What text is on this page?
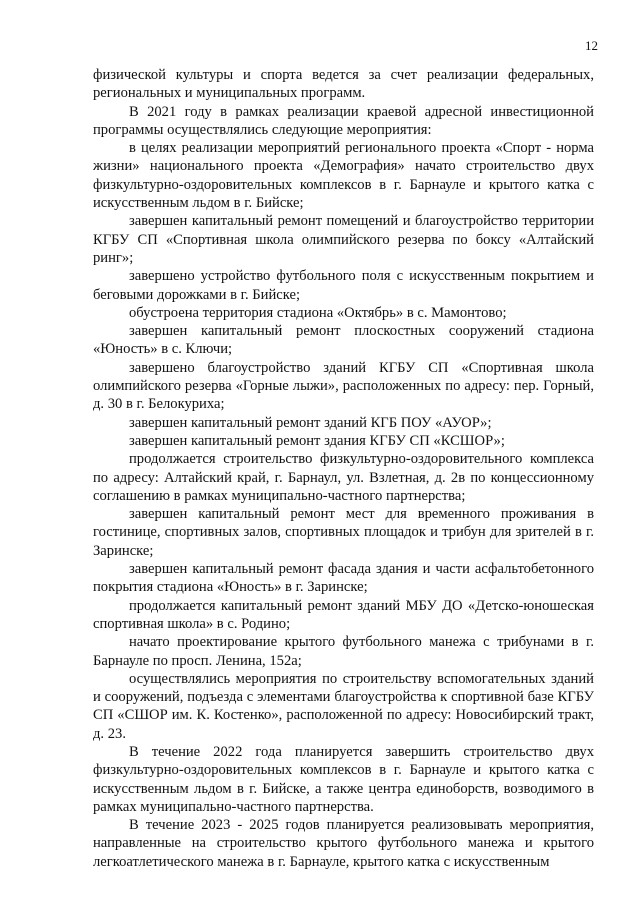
12

физической культуры и спорта ведется за счет реализации федеральных, региональных и муниципальных программ.

В 2021 году в рамках реализации краевой адресной инвестиционной программы осуществлялись следующие мероприятия:

в целях реализации мероприятий регионального проекта «Спорт - норма жизни» национального проекта «Демография» начато строительство двух физкультурно-оздоровительных комплексов в г. Барнауле и крытого катка с искусственным льдом в г. Бийске;

завершен капитальный ремонт помещений и благоустройство территории КГБУ СП «Спортивная школа олимпийского резерва по боксу «Алтайский ринг»;

завершено устройство футбольного поля с искусственным покрытием и беговыми дорожками в г. Бийске;

обустроена территория стадиона «Октябрь» в с. Мамонтово;

завершен капитальный ремонт плоскостных сооружений стадиона «Юность» в с. Ключи;

завершено благоустройство зданий КГБУ СП «Спортивная школа олимпийского резерва «Горные лыжи», расположенных по адресу: пер. Горный, д. 30 в г. Белокуриха;

завершен капитальный ремонт зданий КГБ ПОУ «АУОР»;

завершен капитальный ремонт здания КГБУ СП «КСШОР»;

продолжается строительство физкультурно-оздоровительного комплекса по адресу: Алтайский край, г. Барнаул, ул. Взлетная, д. 2в по концессионному соглашению в рамках муниципально-частного партнерства;

завершен капитальный ремонт мест для временного проживания в гостинице, спортивных залов, спортивных площадок и трибун для зрителей в г. Заринске;

завершен капитальный ремонт фасада здания и части асфальтобетонного покрытия стадиона «Юность» в г. Заринске;

продолжается капитальный ремонт зданий МБУ ДО «Детско-юношеская спортивная школа» в с. Родино;

начато проектирование крытого футбольного манежа с трибунами в г. Барнауле по просп. Ленина, 152а;

осуществлялись мероприятия по строительству вспомогательных зданий и сооружений, подъезда с элементами благоустройства к спортивной базе КГБУ СП «СШОР им. К. Костенко», расположенной по адресу: Новосибирский тракт, д. 23.

В течение 2022 года планируется завершить строительство двух физкультурно-оздоровительных комплексов в г. Барнауле и крытого катка с искусственным льдом в г. Бийске, а также центра единоборств, возводимого в рамках муниципально-частного партнерства.

В течение 2023 - 2025 годов планируется реализовывать мероприятия, направленные на строительство крытого футбольного манежа и крытого легкоатлетического манежа в г. Барнауле, крытого катка с искусственным
